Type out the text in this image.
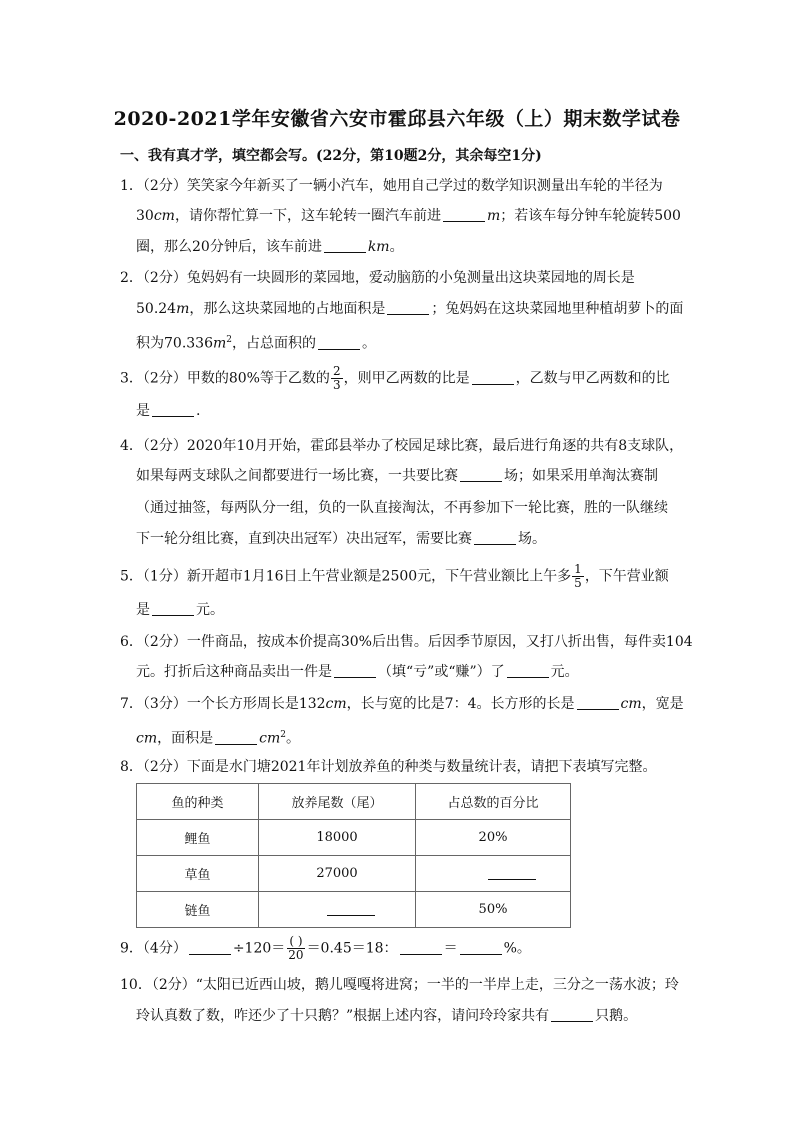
2020-2021学年安徽省六安市霍邱县六年级（上）期末数学试卷
一、我有真才学，填空都会写。(22分，第10题2分，其余每空1分)
1．（2分）笑笑家今年新买了一辆小汽车，她用自己学过的数学知识测量出车轮的半径为
30cm，请你帮忙算一下，这车轮转一圈汽车前进	m；若该车每分钟车轮旋转500
圈，那么20分钟后，该车前进	km。
2．（2分）兔妈妈有一块圆形的菜园地，爱动脑筋的小兔测量出这块菜园地的周长是
50.24m，那么这块菜园地的占地面积是	；兔妈妈在这块菜园地里种植胡萝卜的面
积为$70.336m^2$，占总面积的	。
3．（2分）甲数的80%等于乙数的 $\frac{2}{3}$ ，则甲乙两数的比是	，乙数与甲乙两数和的比
是	.
4．（2分）2020年10月开始，霍邱县举办了校园足球比赛，最后进行角逐的共有8支球队，
如果每两支球队之间都要进行一场比赛，一共要比赛	场；如果采用单淘汰赛制
（通过抽签，每两队分一组，负的一队直接淘汰，不再参加下一轮比赛，胜的一队继续
下一轮分组比赛，直到决出冠军）决出冠军，需要比赛	场。
5．（1分）新开超市1月16日上午营业额是2500元，下午营业额比上午多 $\frac{1}{5}$ ，下午营业额
是	元。
6．（2分）一件商品，按成本价提高30%后出售。后因季节原因，又打八折出售，每件卖104
元。打折后这种商品卖出一件是	（填“亏”或“赚”）了	元。
7．（3分）一个长方形周长是132cm，长与宽的比是7：4。长方形的长是	cm，宽是
cm，面积是	$cm^2$。
8．（2分）下面是水门塘2021年计划放养鱼的种类与数量统计表，请把下表填写完整。
鱼的种类	放养尾数（尾）	占总数的百分比
鲤鱼	18000	20%
草鱼	27000	
链鱼		50%
9．（4分）	$\div 120= \frac{( )}{20} =0.45=18$：	＝	%。
10．（2分）“太阳已近西山坡，鹅儿嘎嘎将进窝；一半的一半岸上走，三分之一荡水波；玲
玲认真数了数，咋还少了十只鹅？”根据上述内容，请问玲玲家共有	只鹅。
